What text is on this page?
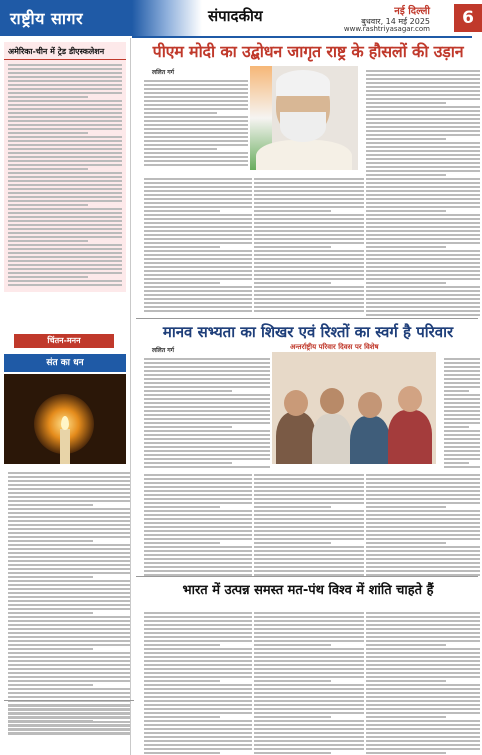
राष्ट्रीय सागर	संपादकीय	नई दिल्ली
बुधवार, 14 मई 2025
www.rashtriyasagar.com
6
अमेरिका-चीन में ट्रेड डीएस्कलेशन
चिंतन-मनन
संत का धन
पीएम मोदी का उद्बोधन जागृत राष्ट्र के हौसलों की उड़ान
ललित गर्ग
मानव सभ्यता का शिखर एवं रिश्तों का स्वर्ग है परिवार
अन्तर्राष्ट्रीय परिवार दिवस पर विशेष
ललित गर्ग
भारत में उत्पन्न समस्त मत-पंथ विश्व में शांति चाहते हैं
